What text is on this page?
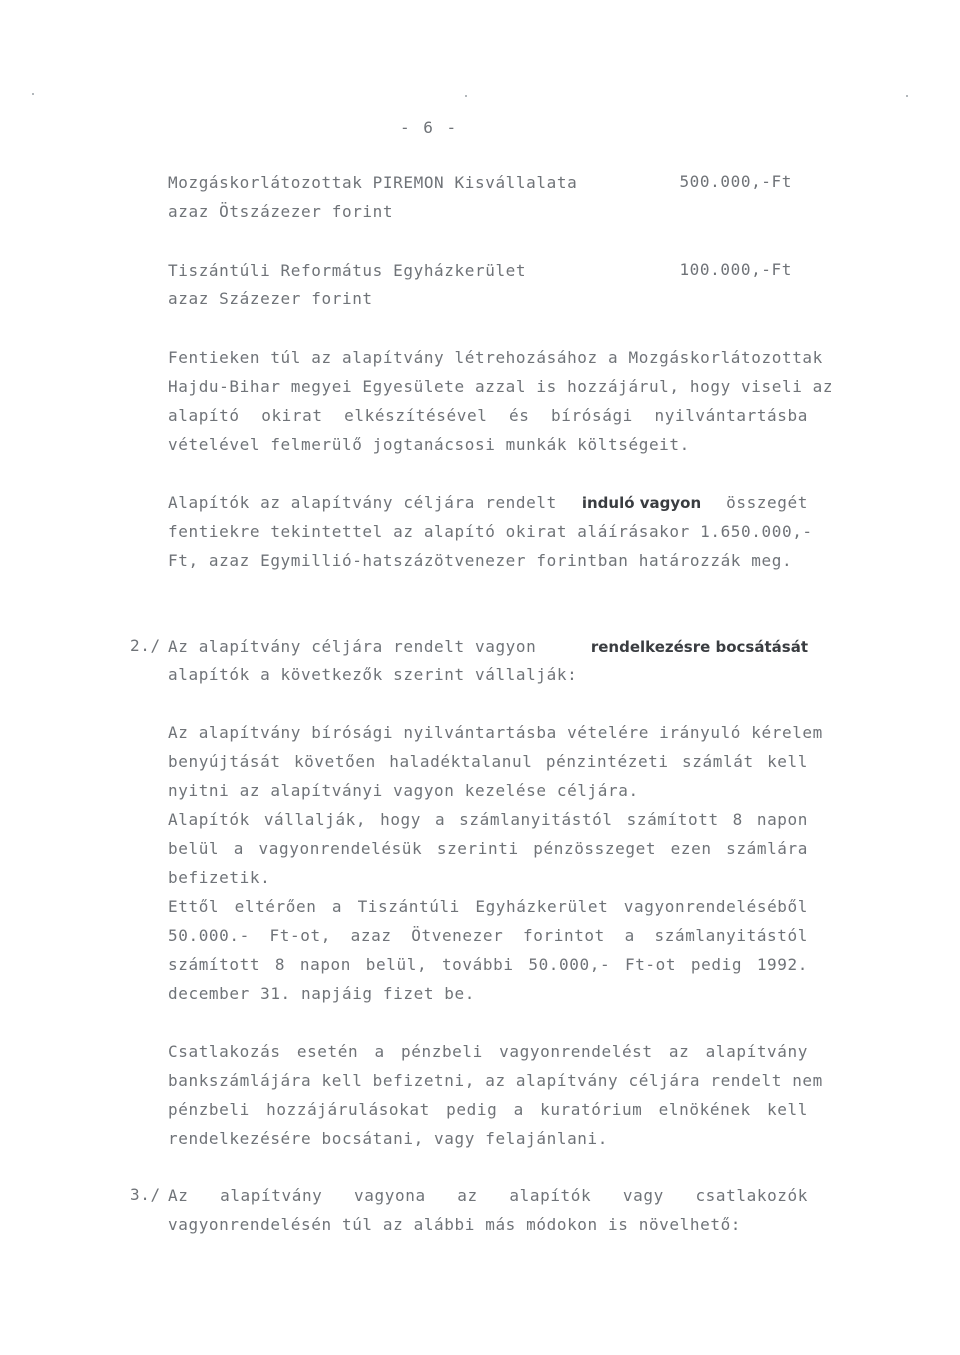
- 6 -
Mozgáskorlátozottak PIREMON Kisvállalata	500.000,-Ft
azaz Ötszázezer forint
Tiszántúli Református Egyházkerület	100.000,-Ft
azaz Százezer forint
Fentieken túl az alapítvány létrehozásához a Mozgáskorlátozottak
Hajdu-Bihar megyei Egyesülete azzal is hozzájárul, hogy viseli az
alapító okirat elkészítésével és bírósági nyilvántartásba
vételével felmerülő jogtanácsosi munkák költségeit.
Alapítók az alapítvány céljára rendelt induló vagyon összegét
fentiekre tekintettel az alapító okirat aláírásakor 1.650.000,-
Ft, azaz Egymillió-hatszázötvenezer forintban határozzák meg.
2./ Az alapítvány céljára rendelt vagyon	rendelkezésre bocsátását
alapítók a következők szerint vállalják:
Az alapítvány bírósági nyilvántartásba vételére irányuló kérelem
benyújtását követően haladéktalanul pénzintézeti számlát kell
nyitni az alapítványi vagyon kezelése céljára.
Alapítók vállalják, hogy a számlanyitástól számított 8 napon
belül a vagyonrendelésük szerinti pénzösszeget ezen számlára
befizetik.
Ettől eltérően a Tiszántúli Egyházkerület vagyonrendeléséből
50.000.- Ft-ot, azaz Ötvenezer forintot a számlanyitástól
számított 8 napon belül, további 50.000,- Ft-ot pedig 1992.
december 31. napjáig fizet be.
Csatlakozás esetén a pénzbeli vagyonrendelést az alapítvány
bankszámlájára kell befizetni, az alapítvány céljára rendelt nem
pénzbeli hozzájárulásokat pedig a kuratórium elnökének kell
rendelkezésére bocsátani, vagy felajánlani.
3./ Az alapítvány vagyona az alapítók vagy csatlakozók
vagyonrendelésén túl az alábbi más módokon is növelhető:
